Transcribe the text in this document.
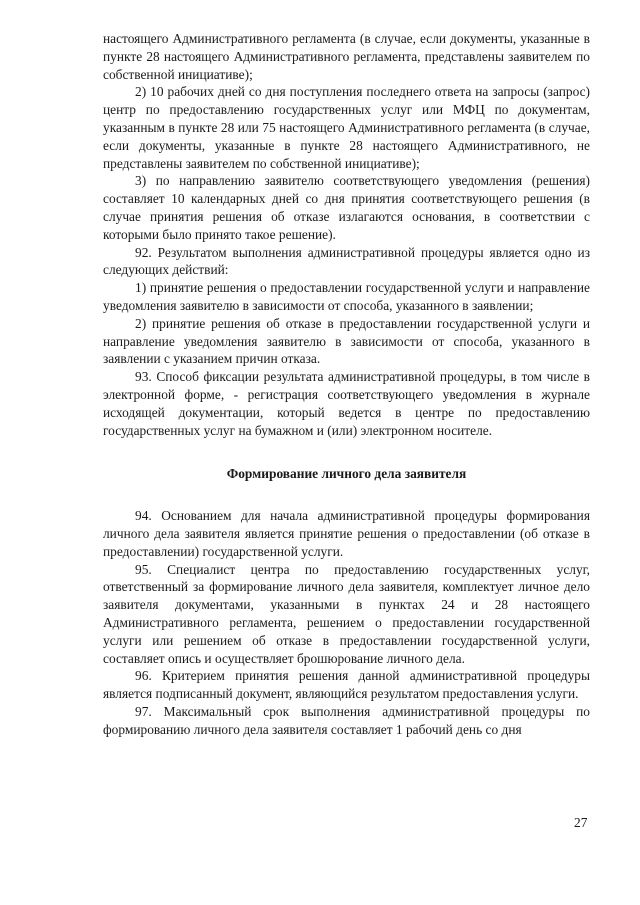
настоящего Административного регламента (в случае, если документы, указанные в пункте 28 настоящего Административного регламента, представлены заявителем по собственной инициативе);

2) 10 рабочих дней со дня поступления последнего ответа на запросы (запрос) центр по предоставлению государственных услуг или МФЦ по документам, указанным в пункте 28 или 75 настоящего Административного регламента (в случае, если документы, указанные в пункте 28 настоящего Административного, не представлены заявителем по собственной инициативе);

3) по направлению заявителю соответствующего уведомления (решения) составляет 10 календарных дней со дня принятия соответствующего решения (в случае принятия решения об отказе излагаются основания, в соответствии с которыми было принято такое решение).

92. Результатом выполнения административной процедуры является одно из следующих действий:

1) принятие решения о предоставлении государственной услуги и направление уведомления заявителю в зависимости от способа, указанного в заявлении;

2) принятие решения об отказе в предоставлении государственной услуги и направление уведомления заявителю в зависимости от способа, указанного в заявлении с указанием причин отказа.

93. Способ фиксации результата административной процедуры, в том числе в электронной форме, - регистрация соответствующего уведомления в журнале исходящей документации, который ведется в центре по предоставлению государственных услуг на бумажном и (или) электронном носителе.

Формирование личного дела заявителя

94. Основанием для начала административной процедуры формирования личного дела заявителя является принятие решения о предоставлении (об отказе в предоставлении) государственной услуги.

95. Специалист центра по предоставлению государственных услуг, ответственный за формирование личного дела заявителя, комплектует личное дело заявителя документами, указанными в пунктах 24 и 28 настоящего Административного регламента, решением о предоставлении государственной услуги или решением об отказе в предоставлении государственной услуги, составляет опись и осуществляет брошюрование личного дела.

96. Критерием принятия решения данной административной процедуры является подписанный документ, являющийся результатом предоставления услуги.

97. Максимальный срок выполнения административной процедуры по формированию личного дела заявителя составляет 1 рабочий день со дня

27
